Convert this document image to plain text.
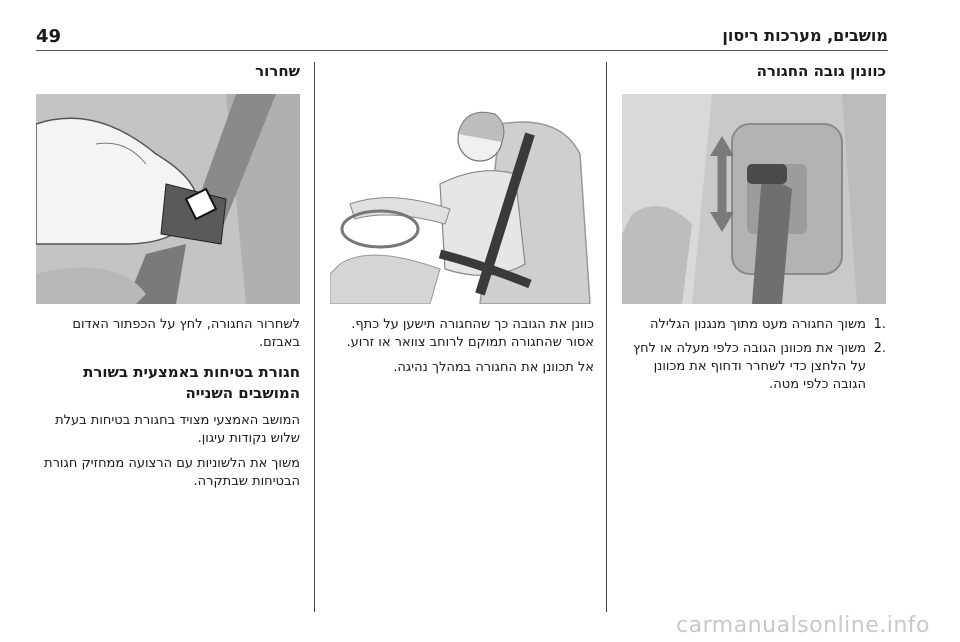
49	מושבים, מערכות ריסון
כוונון גובה החגורה
.1
משוך החגורה מעט מתוך מנגנון הגלילה
.2
משוך את מכוונן הגובה כלפי מעלה או לחץ על הלחצן כדי לשחרר ודחוף את מכוונן הגובה כלפי מטה.

כוונן את הגובה כך שהחגורה תישען על כתף. אסור שהחגורה תמוקם לרוחב צוואר או זרוע.

אל תכוונן את החגורה במהלך נהיגה.

שחרור

לשחרור החגורה, לחץ על הכפתור האדום באבזם.

חגורת בטיחות באמצעית בשורת המושבים השנייה

המושב האמצעי מצויד בחגורת בטיחות בעלת שלוש נקודות עיגון.

משוך את הלשוניות עם הרצועה ממחזיק חגורת הבטיחות שבתקרה.

carmanualsonline.info
